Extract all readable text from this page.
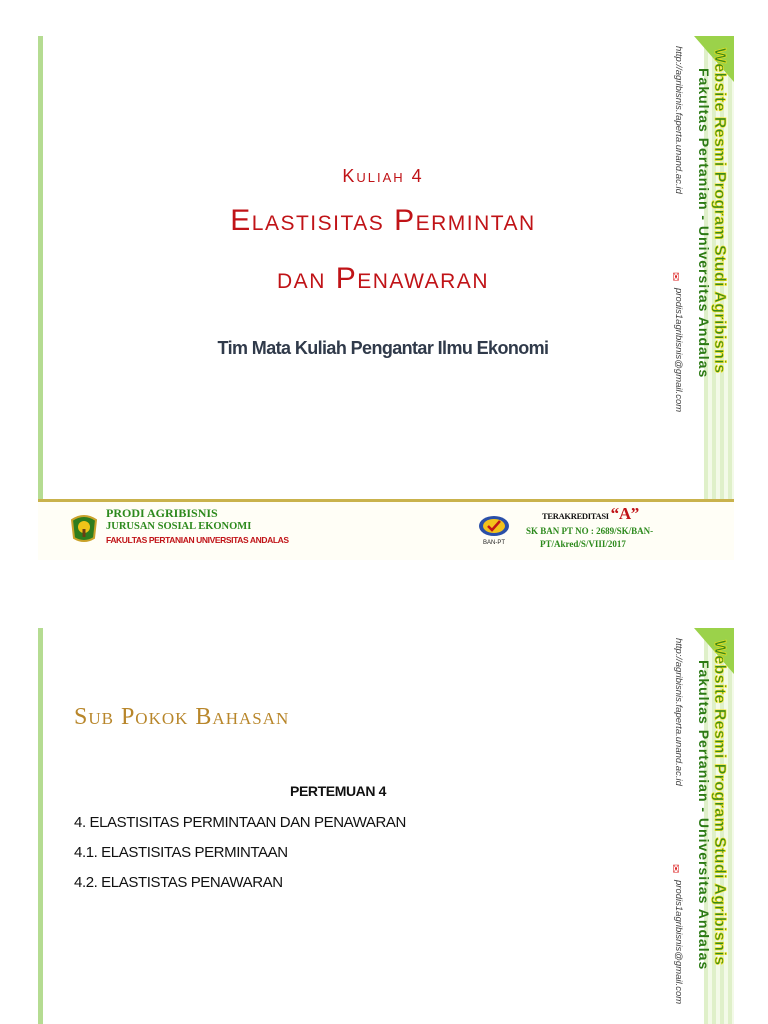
Website Resmi Program Studi Agribisnis
Fakultas Pertanian - Universitas Andalas
http://agribisnis.faperta.unand.ac.id
✉
prodis1agribisnis@gmail.com
Kuliah 4
Elastisitas Permintan
dan Penawaran
Tim Mata Kuliah Pengantar Ilmu Ekonomi
PRODI AGRIBISNIS
JURUSAN SOSIAL EKONOMI
FAKULTAS PERTANIAN UNIVERSITAS ANDALAS	BAN-PT
TERAKREDITASI “A”
SK BAN PT NO : 2689/SK/BAN-
PT/Akred/S/VIII/2017
Website Resmi Program Studi Agribisnis
Fakultas Pertanian - Universitas Andalas
http://agribisnis.faperta.unand.ac.id
✉
prodis1agribisnis@gmail.com
Sub Pokok Bahasan
PERTEMUAN 4
4. ELASTISITAS PERMINTAAN DAN PENAWARAN
4.1. ELASTISITAS PERMINTAAN
4.2. ELASTISTAS PENAWARAN
